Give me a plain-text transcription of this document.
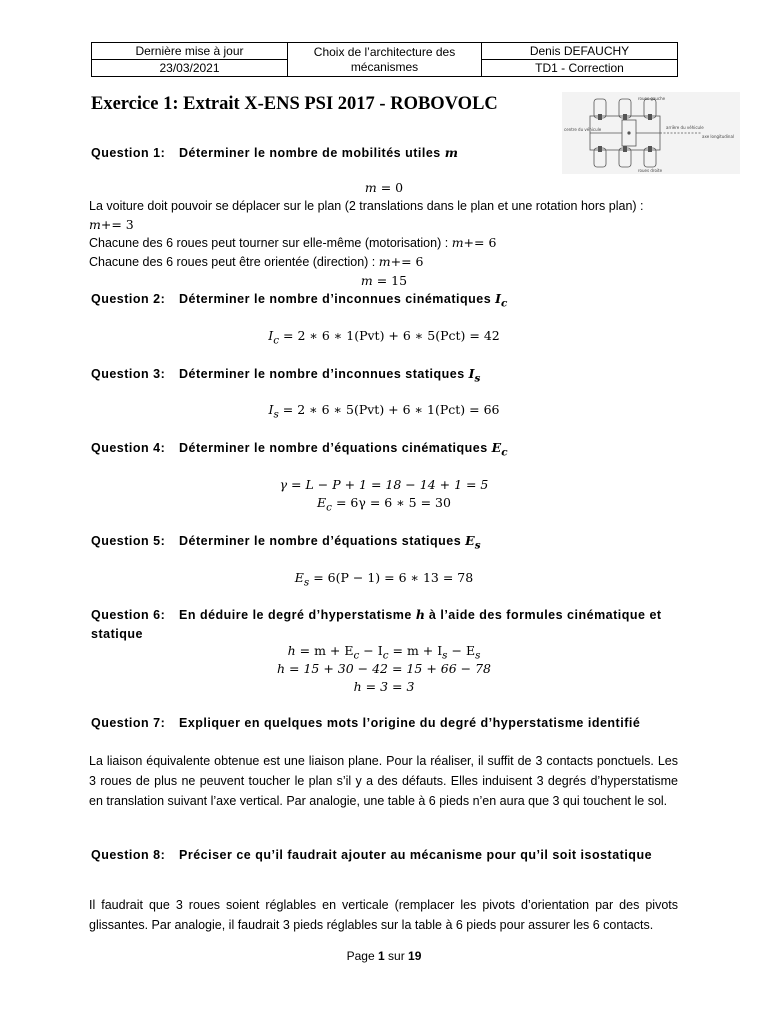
Dernière mise à jour	Choix de l’architecture des mécanismes	Denis DEFAUCHY
23/03/2021		TD1 - Correction
Exercice 1: Extrait X-ENS PSI 2017 - ROBOVOLC	roues gauche
centre du véhicule	arrière du véhicule
axe longitudinal
roues droite
Question 1: Déterminer le nombre de mobilités utiles m
m = 0
La voiture doit pouvoir se déplacer sur le plan (2 translations dans le plan et une rotation hors plan) :
m+= 3
Chacune des 6 roues peut tourner sur elle-même (motorisation) : m+= 6
Chacune des 6 roues peut être orientée (direction) : m+= 6
m = 15
Question 2: Déterminer le nombre d’inconnues cinématiques $I_c$
$I_c = 2$ ∗ 6 ∗ 1(Pvt) + 6 ∗ 5(Pct) = 42
Question 3: Déterminer le nombre d’inconnues statiques $I_s$
$I_s = 2$ ∗ 6 ∗ 5(Pvt) + 6 ∗ 1(Pct) = 66
Question 4: Déterminer le nombre d’équations cinématiques $E_c$
γ = L − P + 1 = 18 − 14 + 1 = 5
$E_c = 6\gamma = 6$ ∗ 5 = 30
Question 5: Déterminer le nombre d’équations statiques $E_s$
$E_s = 6(P - 1) = 6$ ∗ 13 = 78
Question 6: En déduire le degré d’hyperstatisme h à l’aide des formules cinématique et statique
$h = m + E_c - I_c = m + I_s - E_s$
h = 15 + 30 − 42 = 15 + 66 − 78
h = 3 = 3
Question 7: Expliquer en quelques mots l’origine du degré d’hyperstatisme identifié
La liaison équivalente obtenue est une liaison plane. Pour la réaliser, il suffit de 3 contacts ponctuels. Les 3 roues de plus ne peuvent toucher le plan s’il y a des défauts. Elles induisent 3 degrés d’hyperstatisme en translation suivant l’axe vertical. Par analogie, une table à 6 pieds n’en aura que 3 qui touchent le sol.
Question 8: Préciser ce qu’il faudrait ajouter au mécanisme pour qu’il soit isostatique
Il faudrait que 3 roues soient réglables en verticale (remplacer les pivots d’orientation par des pivots glissantes. Par analogie, il faudrait 3 pieds réglables sur la table à 6 pieds pour assurer les 6 contacts.
Page 1 sur 19
